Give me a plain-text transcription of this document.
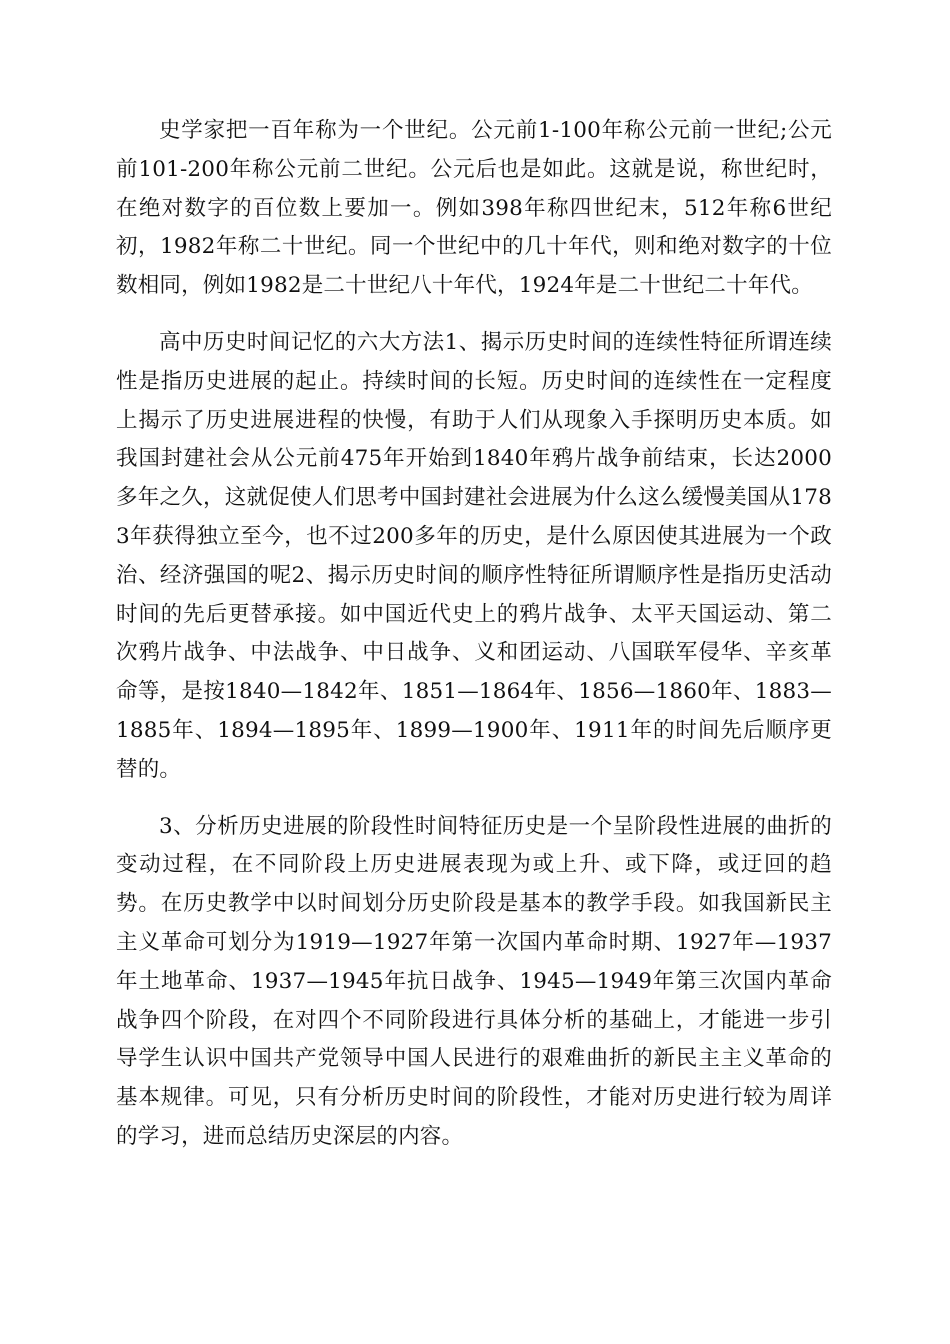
史学家把一百年称为一个世纪。公元前1-100年称公元前一世纪;公元前101-200年称公元前二世纪。公元后也是如此。这就是说，称世纪时，在绝对数字的百位数上要加一。例如398年称四世纪末，512年称6世纪初，1982年称二十世纪。同一个世纪中的几十年代，则和绝对数字的十位数相同，例如1982是二十世纪八十年代，1924年是二十世纪二十年代。

高中历史时间记忆的六大方法1、揭示历史时间的连续性特征所谓连续性是指历史进展的起止。持续时间的长短。历史时间的连续性在一定程度上揭示了历史进展进程的快慢，有助于人们从现象入手探明历史本质。如我国封建社会从公元前475年开始到1840年鸦片战争前结束，长达2000多年之久，这就促使人们思考中国封建社会进展为什么这么缓慢美国从1783年获得独立至今，也不过200多年的历史，是什么原因使其进展为一个政治、经济强国的呢2、揭示历史时间的顺序性特征所谓顺序性是指历史活动时间的先后更替承接。如中国近代史上的鸦片战争、太平天国运动、第二次鸦片战争、中法战争、中日战争、义和团运动、八国联军侵华、辛亥革命等，是按1840—1842年、1851—1864年、1856—1860年、1883—1885年、1894—1895年、1899—1900年、1911年的时间先后顺序更替的。

3、分析历史进展的阶段性时间特征历史是一个呈阶段性进展的曲折的变动过程，在不同阶段上历史进展表现为或上升、或下降，或迂回的趋势。在历史教学中以时间划分历史阶段是基本的教学手段。如我国新民主主义革命可划分为1919—1927年第一次国内革命时期、1927年—1937年土地革命、1937—1945年抗日战争、1945—1949年第三次国内革命战争四个阶段，在对四个不同阶段进行具体分析的基础上，才能进一步引导学生认识中国共产党领导中国人民进行的艰难曲折的新民主主义革命的基本规律。可见，只有分析历史时间的阶段性，才能对历史进行较为周详的学习，进而总结历史深层的内容。
